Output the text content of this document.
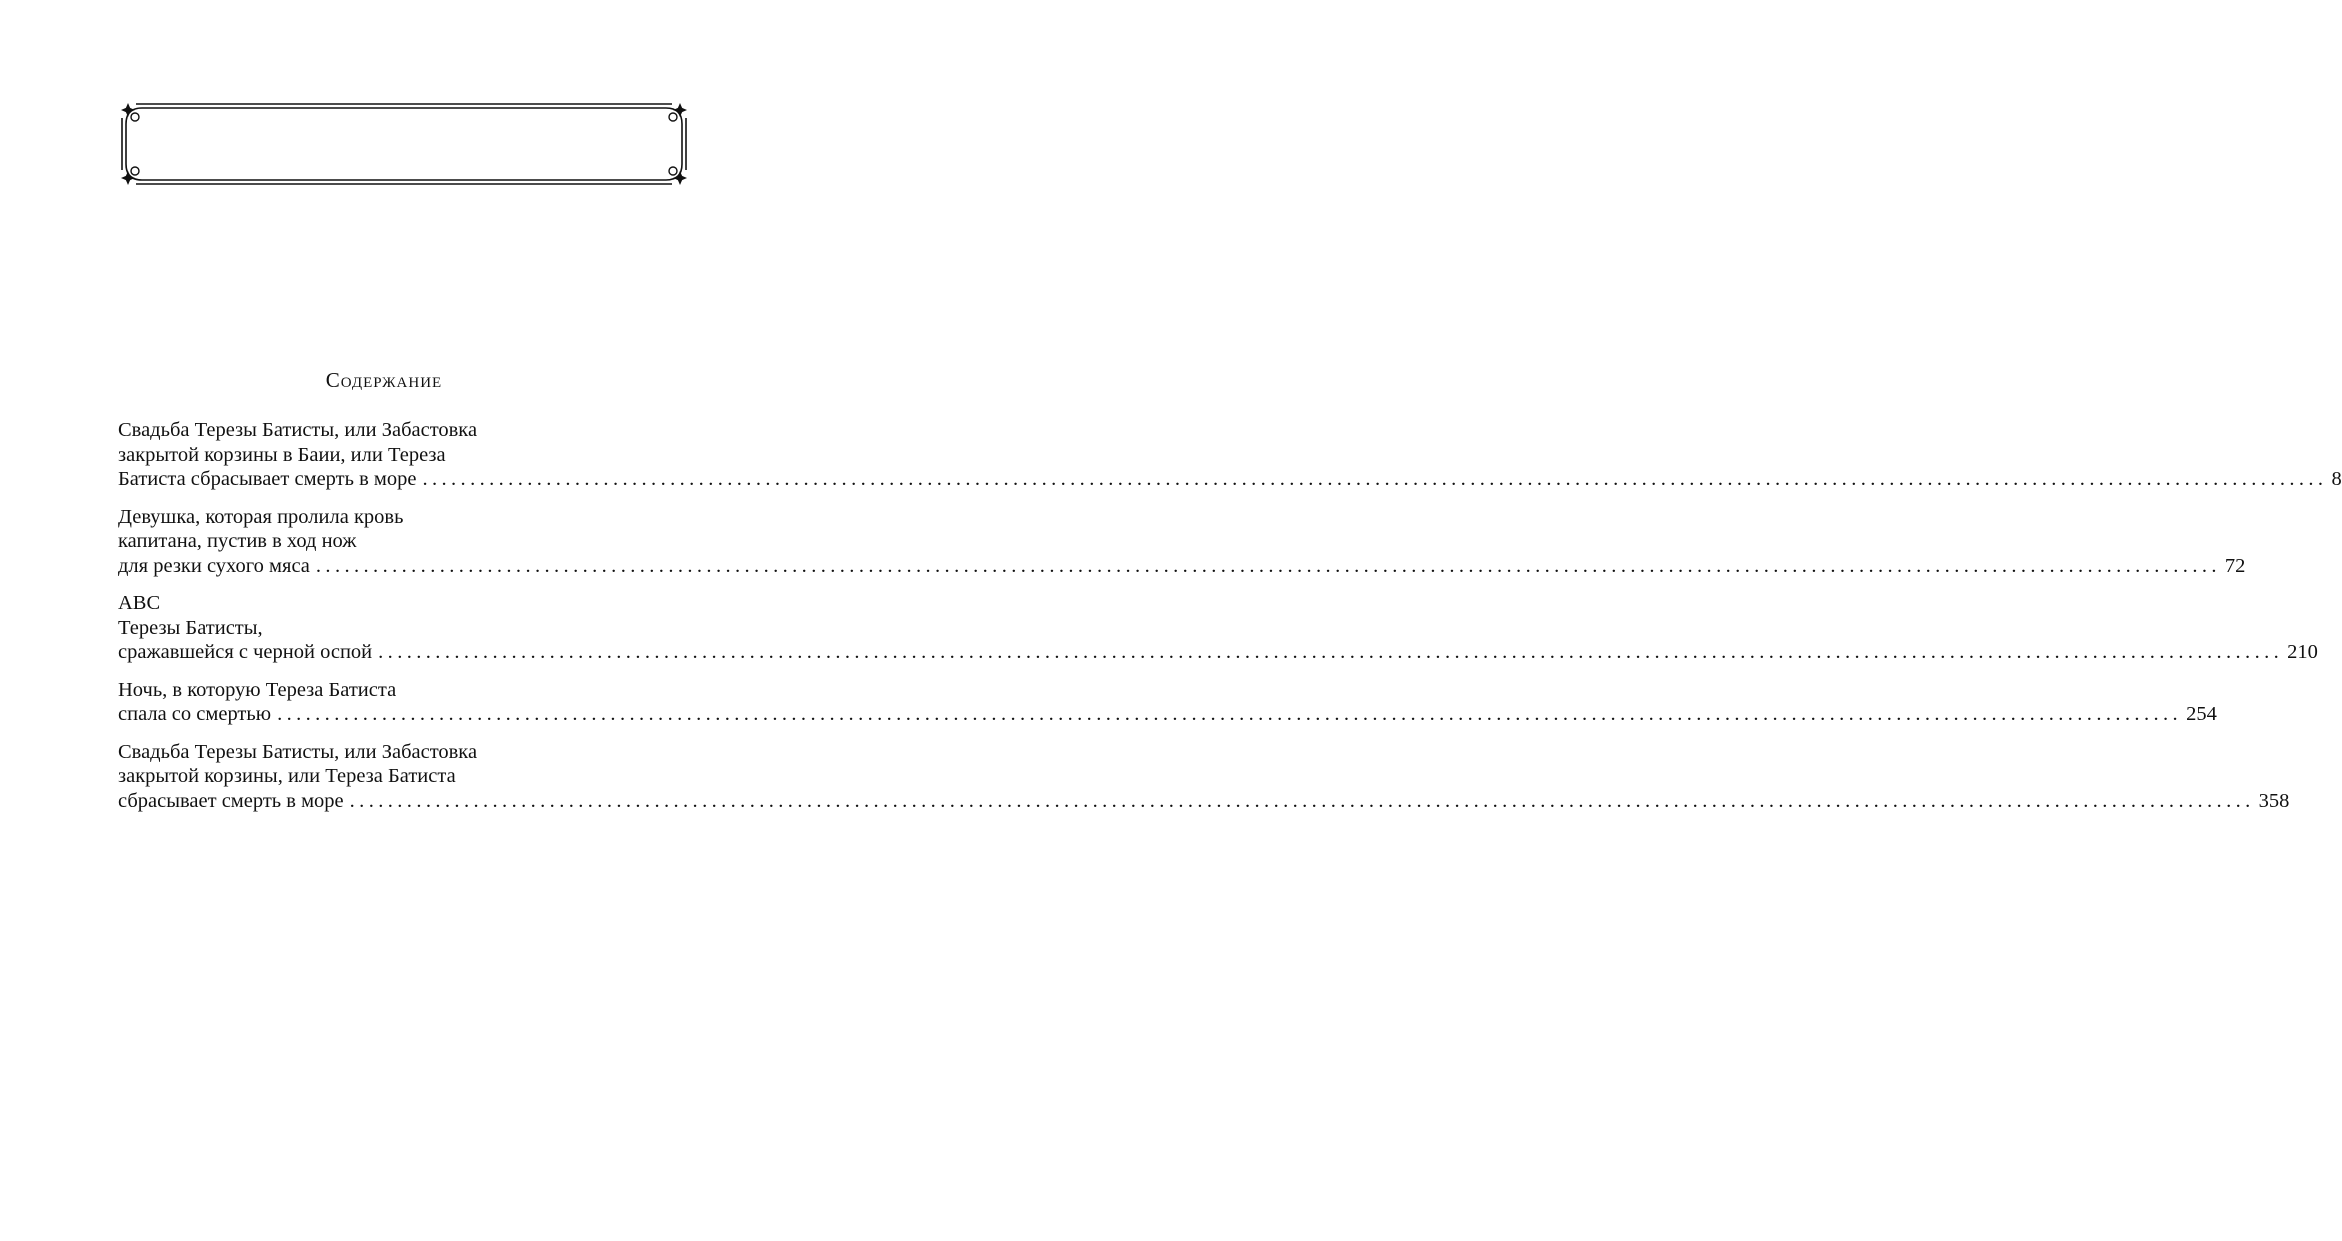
Содержание
Свадьба Терезы Батисты, или Забастовка
закрытой корзины в Баии, или Тереза
Батиста сбрасывает смерть в море ........................................................................................................................................................................................................ 8
Девушка, которая пролила кровь
капитана, пустив в ход нож
для резки сухого мяса ........................................................................................................................................................................................................ 72
ABC
Терезы Батисты,
сражавшейся с черной оспой ........................................................................................................................................................................................................ 210
Ночь, в которую Тереза Батиста
спала со смертью ........................................................................................................................................................................................................ 254
Свадьба Терезы Батисты, или Забастовка
закрытой корзины, или Тереза Батиста
сбрасывает смерть в море ........................................................................................................................................................................................................ 358
